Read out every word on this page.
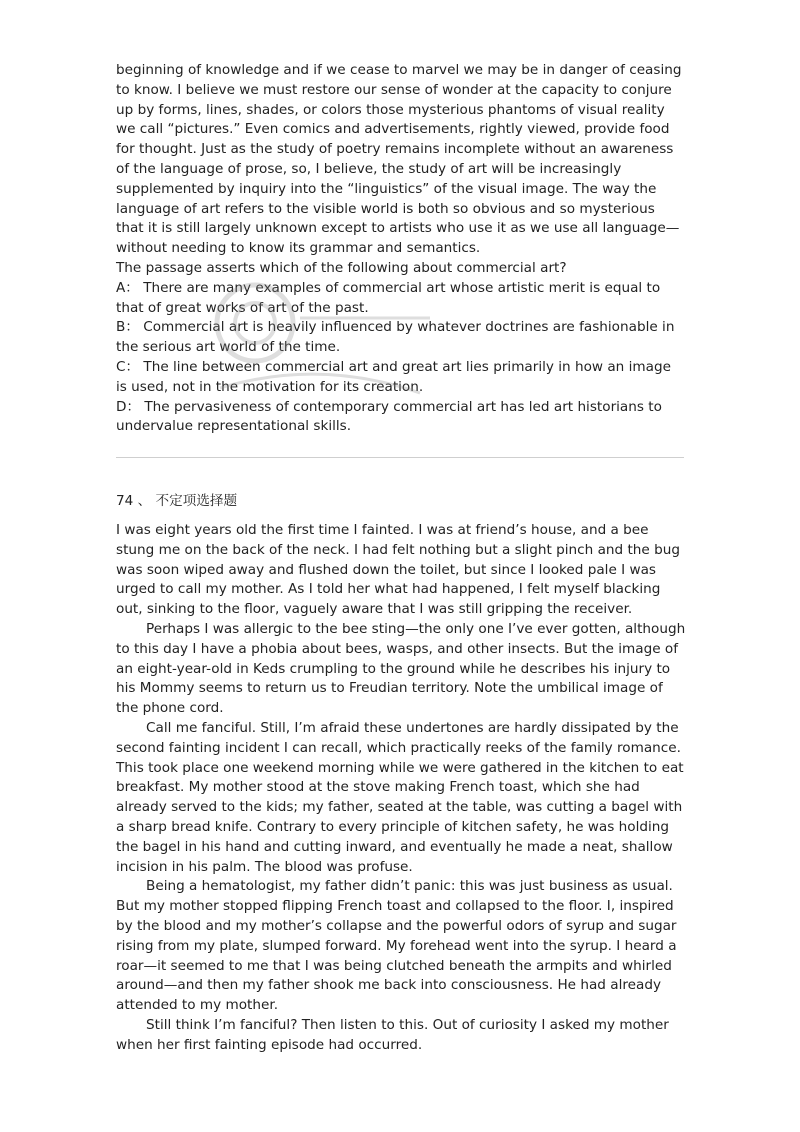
beginning of knowledge and if we cease to marvel we may be in danger of ceasing to know. I believe we must restore our sense of wonder at the capacity to conjure up by forms, lines, shades, or colors those mysterious phantoms of visual reality we call “pictures.” Even comics and advertisements, rightly viewed, provide food for thought. Just as the study of poetry remains incomplete without an awareness of the language of prose, so, I believe, the study of art will be increasingly supplemented by inquiry into the “linguistics” of the visual image. The way the language of art refers to the visible world is both so obvious and so mysterious that it is still largely unknown except to artists who use it as we use all language—without needing to know its grammar and semantics.

The passage asserts which of the following about commercial art?

A： There are many examples of commercial art whose artistic merit is equal to that of great works of art of the past.

B： Commercial art is heavily influenced by whatever doctrines are fashionable in the serious art world of the time.

C： The line between commercial art and great art lies primarily in how an image is used, not in the motivation for its creation.

D： The pervasiveness of contemporary commercial art has led art historians to undervalue representational skills.

74 、 不定项选择题

I was eight years old the first time I fainted. I was at friend’s house, and a bee stung me on the back of the neck. I had felt nothing but a slight pinch and the bug was soon wiped away and flushed down the toilet, but since I looked pale I was urged to call my mother. As I told her what had happened, I felt myself blacking out, sinking to the floor, vaguely aware that I was still gripping the receiver.

Perhaps I was allergic to the bee sting—the only one I’ve ever gotten, although to this day I have a phobia about bees, wasps, and other insects. But the image of an eight-year-old in Keds crumpling to the ground while he describes his injury to his Mommy seems to return us to Freudian territory. Note the umbilical image of the phone cord.

Call me fanciful. Still, I’m afraid these undertones are hardly dissipated by the second fainting incident I can recall, which practically reeks of the family romance. This took place one weekend morning while we were gathered in the kitchen to eat breakfast. My mother stood at the stove making French toast, which she had already served to the kids; my father, seated at the table, was cutting a bagel with a sharp bread knife. Contrary to every principle of kitchen safety, he was holding the bagel in his hand and cutting inward, and eventually he made a neat, shallow incision in his palm. The blood was profuse.

Being a hematologist, my father didn’t panic: this was just business as usual. But my mother stopped flipping French toast and collapsed to the floor. I, inspired by the blood and my mother’s collapse and the powerful odors of syrup and sugar rising from my plate, slumped forward. My forehead went into the syrup. I heard a roar—it seemed to me that I was being clutched beneath the armpits and whirled around—and then my father shook me back into consciousness. He had already attended to my mother.

Still think I’m fanciful? Then listen to this. Out of curiosity I asked my mother when her first fainting episode had occurred.
